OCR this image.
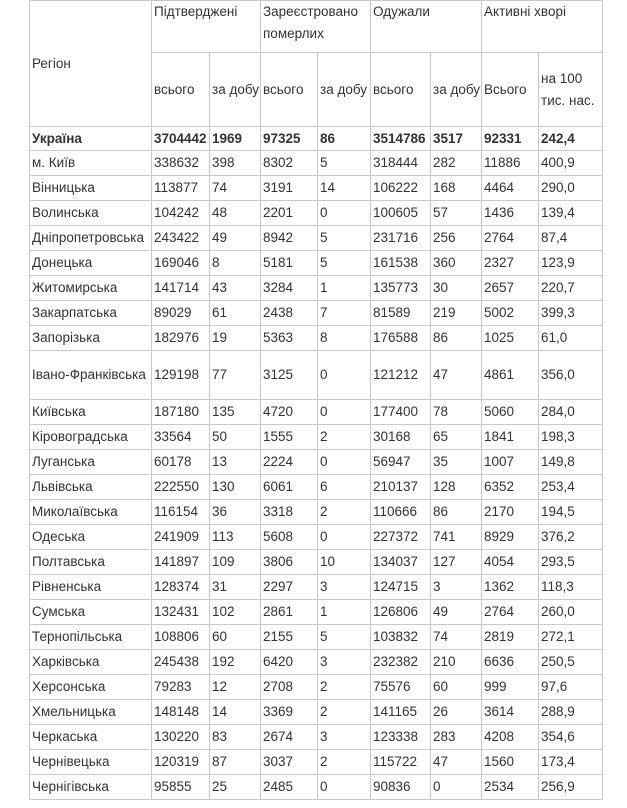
Регіон	Підтверджені		Зареєстровано померлих		Одужали		Активні хворі	
	всього	за добу	всього	за добу	всього	за добу	Всього	на 100 тис. нас.
Україна	3704442	1969	97325	86	3514786	3517	92331	242,4
м. Київ	338632	398	8302	5	318444	282	11886	400,9
Вінницька	113877	74	3191	14	106222	168	4464	290,0
Волинська	104242	48	2201	0	100605	57	1436	139,4
Дніпропетровська	243422	49	8942	5	231716	256	2764	87,4
Донецька	169046	8	5181	5	161538	360	2327	123,9
Житомирська	141714	43	3284	1	135773	30	2657	220,7
Закарпатська	89029	61	2438	7	81589	219	5002	399,3
Запорізька	182976	19	5363	8	176588	86	1025	61,0
Івано-Франківська	129198	77	3125	0	121212	47	4861	356,0
Київська	187180	135	4720	0	177400	78	5060	284,0
Кіровоградська	33564	50	1555	2	30168	65	1841	198,3
Луганська	60178	13	2224	0	56947	35	1007	149,8
Львівська	222550	130	6061	6	210137	128	6352	253,4
Миколаївська	116154	36	3318	2	110666	86	2170	194,5
Одеська	241909	113	5608	0	227372	741	8929	376,2
Полтавська	141897	109	3806	10	134037	127	4054	293,5
Рівненська	128374	31	2297	3	124715	3	1362	118,3
Сумська	132431	102	2861	1	126806	49	2764	260,0
Тернопільська	108806	60	2155	5	103832	74	2819	272,1
Харківська	245438	192	6420	3	232382	210	6636	250,5
Херсонська	79283	12	2708	2	75576	60	999	97,6
Хмельницька	148148	14	3369	2	141165	26	3614	288,9
Черкаська	130220	83	2674	3	123338	283	4208	354,6
Чернівецька	120319	87	3037	2	115722	47	1560	173,4
Чернігівська	95855	25	2485	0	90836	0	2534	256,9
